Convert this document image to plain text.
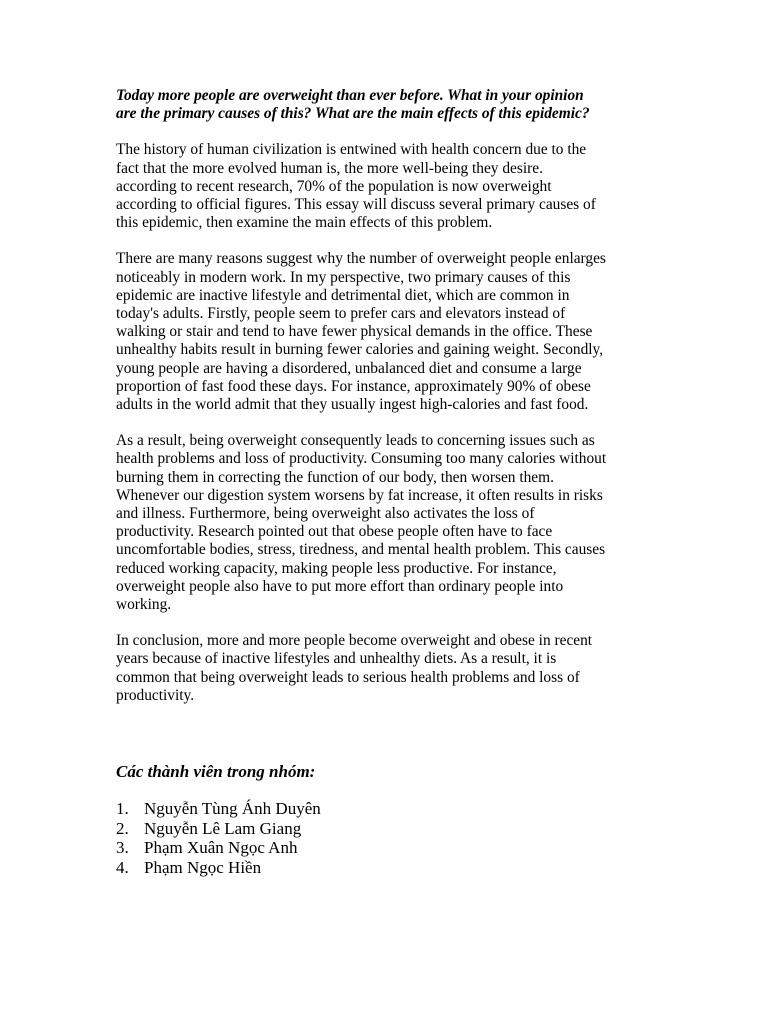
Today more people are overweight than ever before. What in your opinion
are the primary causes of this? What are the main effects of this epidemic?

The history of human civilization is entwined with health concern due to the
fact that the more evolved human is, the more well-being they desire.
according to recent research, 70% of the population is now overweight
according to official figures. This essay will discuss several primary causes of
this epidemic, then examine the main effects of this problem.

There are many reasons suggest why the number of overweight people enlarges
noticeably in modern work. In my perspective, two primary causes of this
epidemic are inactive lifestyle and detrimental diet, which are common in
today's adults. Firstly, people seem to prefer cars and elevators instead of
walking or stair and tend to have fewer physical demands in the office. These
unhealthy habits result in burning fewer calories and gaining weight. Secondly,
young people are having a disordered, unbalanced diet and consume a large
proportion of fast food these days. For instance, approximately 90% of obese
adults in the world admit that they usually ingest high-calories and fast food.

As a result, being overweight consequently leads to concerning issues such as
health problems and loss of productivity. Consuming too many calories without
burning them in correcting the function of our body, then worsen them.
Whenever our digestion system worsens by fat increase, it often results in risks
and illness. Furthermore, being overweight also activates the loss of
productivity. Research pointed out that obese people often have to face
uncomfortable bodies, stress, tiredness, and mental health problem. This causes
reduced working capacity, making people less productive. For instance,
overweight people also have to put more effort than ordinary people into
working.

In conclusion, more and more people become overweight and obese in recent
years because of inactive lifestyles and unhealthy diets. As a result, it is
common that being overweight leads to serious health problems and loss of
productivity.

Các thành viên trong nhóm:

1. Nguyễn Tùng Ánh Duyên
2. Nguyễn Lê Lam Giang
3. Phạm Xuân Ngọc Anh
4. Phạm Ngọc Hiền
